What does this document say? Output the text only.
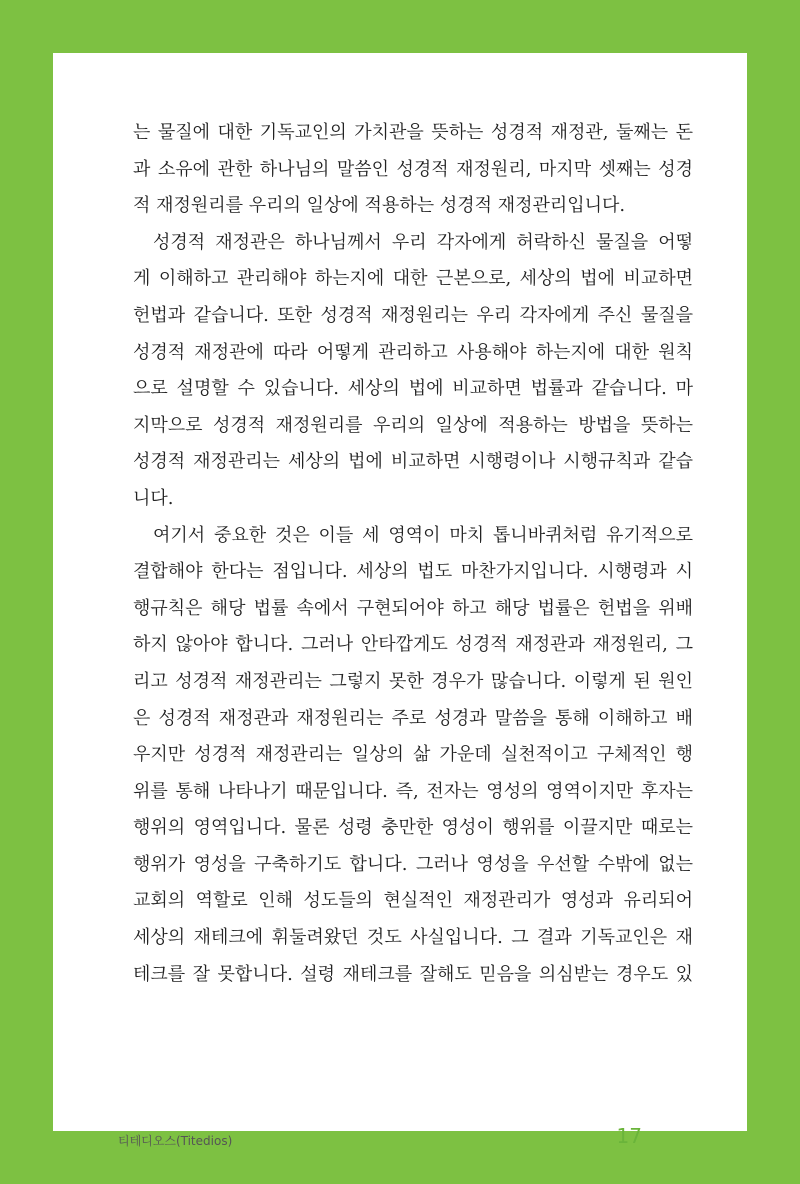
는 물질에 대한 기독교인의 가치관을 뜻하는 성경적 재정관, 둘째는 돈
과 소유에 관한 하나님의 말씀인 성경적 재정원리, 마지막 셋째는 성경
적 재정원리를 우리의 일상에 적용하는 성경적 재정관리입니다.
성경적 재정관은 하나님께서 우리 각자에게 허락하신 물질을 어떻
게 이해하고 관리해야 하는지에 대한 근본으로, 세상의 법에 비교하면
헌법과 같습니다. 또한 성경적 재정원리는 우리 각자에게 주신 물질을
성경적 재정관에 따라 어떻게 관리하고 사용해야 하는지에 대한 원칙
으로 설명할 수 있습니다. 세상의 법에 비교하면 법률과 같습니다. 마
지막으로 성경적 재정원리를 우리의 일상에 적용하는 방법을 뜻하는
성경적 재정관리는 세상의 법에 비교하면 시행령이나 시행규칙과 같습
니다.
여기서 중요한 것은 이들 세 영역이 마치 톱니바퀴처럼 유기적으로
결합해야 한다는 점입니다. 세상의 법도 마찬가지입니다. 시행령과 시
행규칙은 해당 법률 속에서 구현되어야 하고 해당 법률은 헌법을 위배
하지 않아야 합니다. 그러나 안타깝게도 성경적 재정관과 재정원리, 그
리고 성경적 재정관리는 그렇지 못한 경우가 많습니다. 이렇게 된 원인
은 성경적 재정관과 재정원리는 주로 성경과 말씀을 통해 이해하고 배
우지만 성경적 재정관리는 일상의 삶 가운데 실천적이고 구체적인 행
위를 통해 나타나기 때문입니다. 즉, 전자는 영성의 영역이지만 후자는
행위의 영역입니다. 물론 성령 충만한 영성이 행위를 이끌지만 때로는
행위가 영성을 구축하기도 합니다. 그러나 영성을 우선할 수밖에 없는
교회의 역할로 인해 성도들의 현실적인 재정관리가 영성과 유리되어
세상의 재테크에 휘둘려왔던 것도 사실입니다. 그 결과 기독교인은 재
테크를 잘 못합니다. 설령 재테크를 잘해도 믿음을 의심받는 경우도 있
티테디오스(Titedios)	17
